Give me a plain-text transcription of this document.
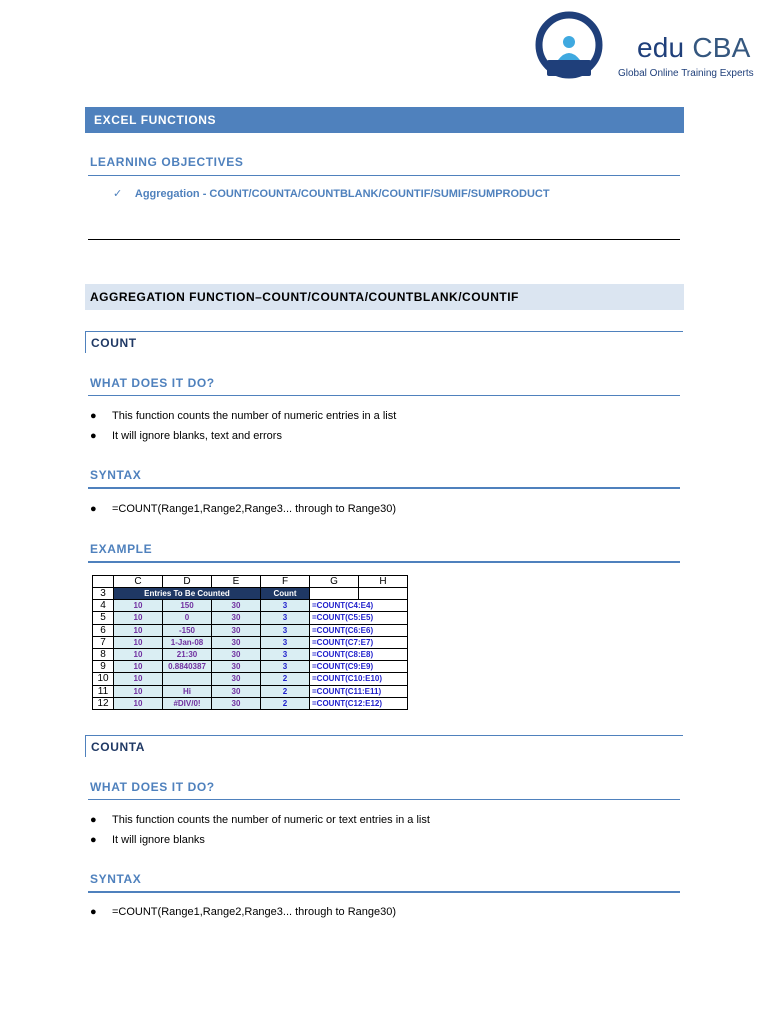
edu CBA
Global Online Training Experts
EXCEL FUNCTIONS
LEARNING OBJECTIVES
✓ Aggregation - COUNT/COUNTA/COUNTBLANK/COUNTIF/SUMIF/SUMPRODUCT
AGGREGATION FUNCTION–COUNT/COUNTA/COUNTBLANK/COUNTIF
COUNT
WHAT DOES IT DO?
● This function counts the number of numeric entries in a list
● It will ignore blanks, text and errors
SYNTAX
● =COUNT(Range1,Range2,Range3... through to Range30)
EXAMPLE
	C	D	E	F	G	H
3	Entries To Be Counted			Count		
4	10	150	30	3	=COUNT(C4:E4)	
5	10	0	30	3	=COUNT(C5:E5)	
6	10	-150	30	3	=COUNT(C6:E6)	
7	10	1-Jan-08	30	3	=COUNT(C7:E7)	
8	10	21:30	30	3	=COUNT(C8:E8)	
9	10	0.8840387	30	3	=COUNT(C9:E9)	
10	10		30	2	=COUNT(C10:E10)	
11	10	Hi	30	2	=COUNT(C11:E11)	
12	10	#DIV/0!	30	2	=COUNT(C12:E12)	
COUNTA
WHAT DOES IT DO?
● This function counts the number of numeric or text entries in a list
● It will ignore blanks
SYNTAX
● =COUNT(Range1,Range2,Range3... through to Range30)
